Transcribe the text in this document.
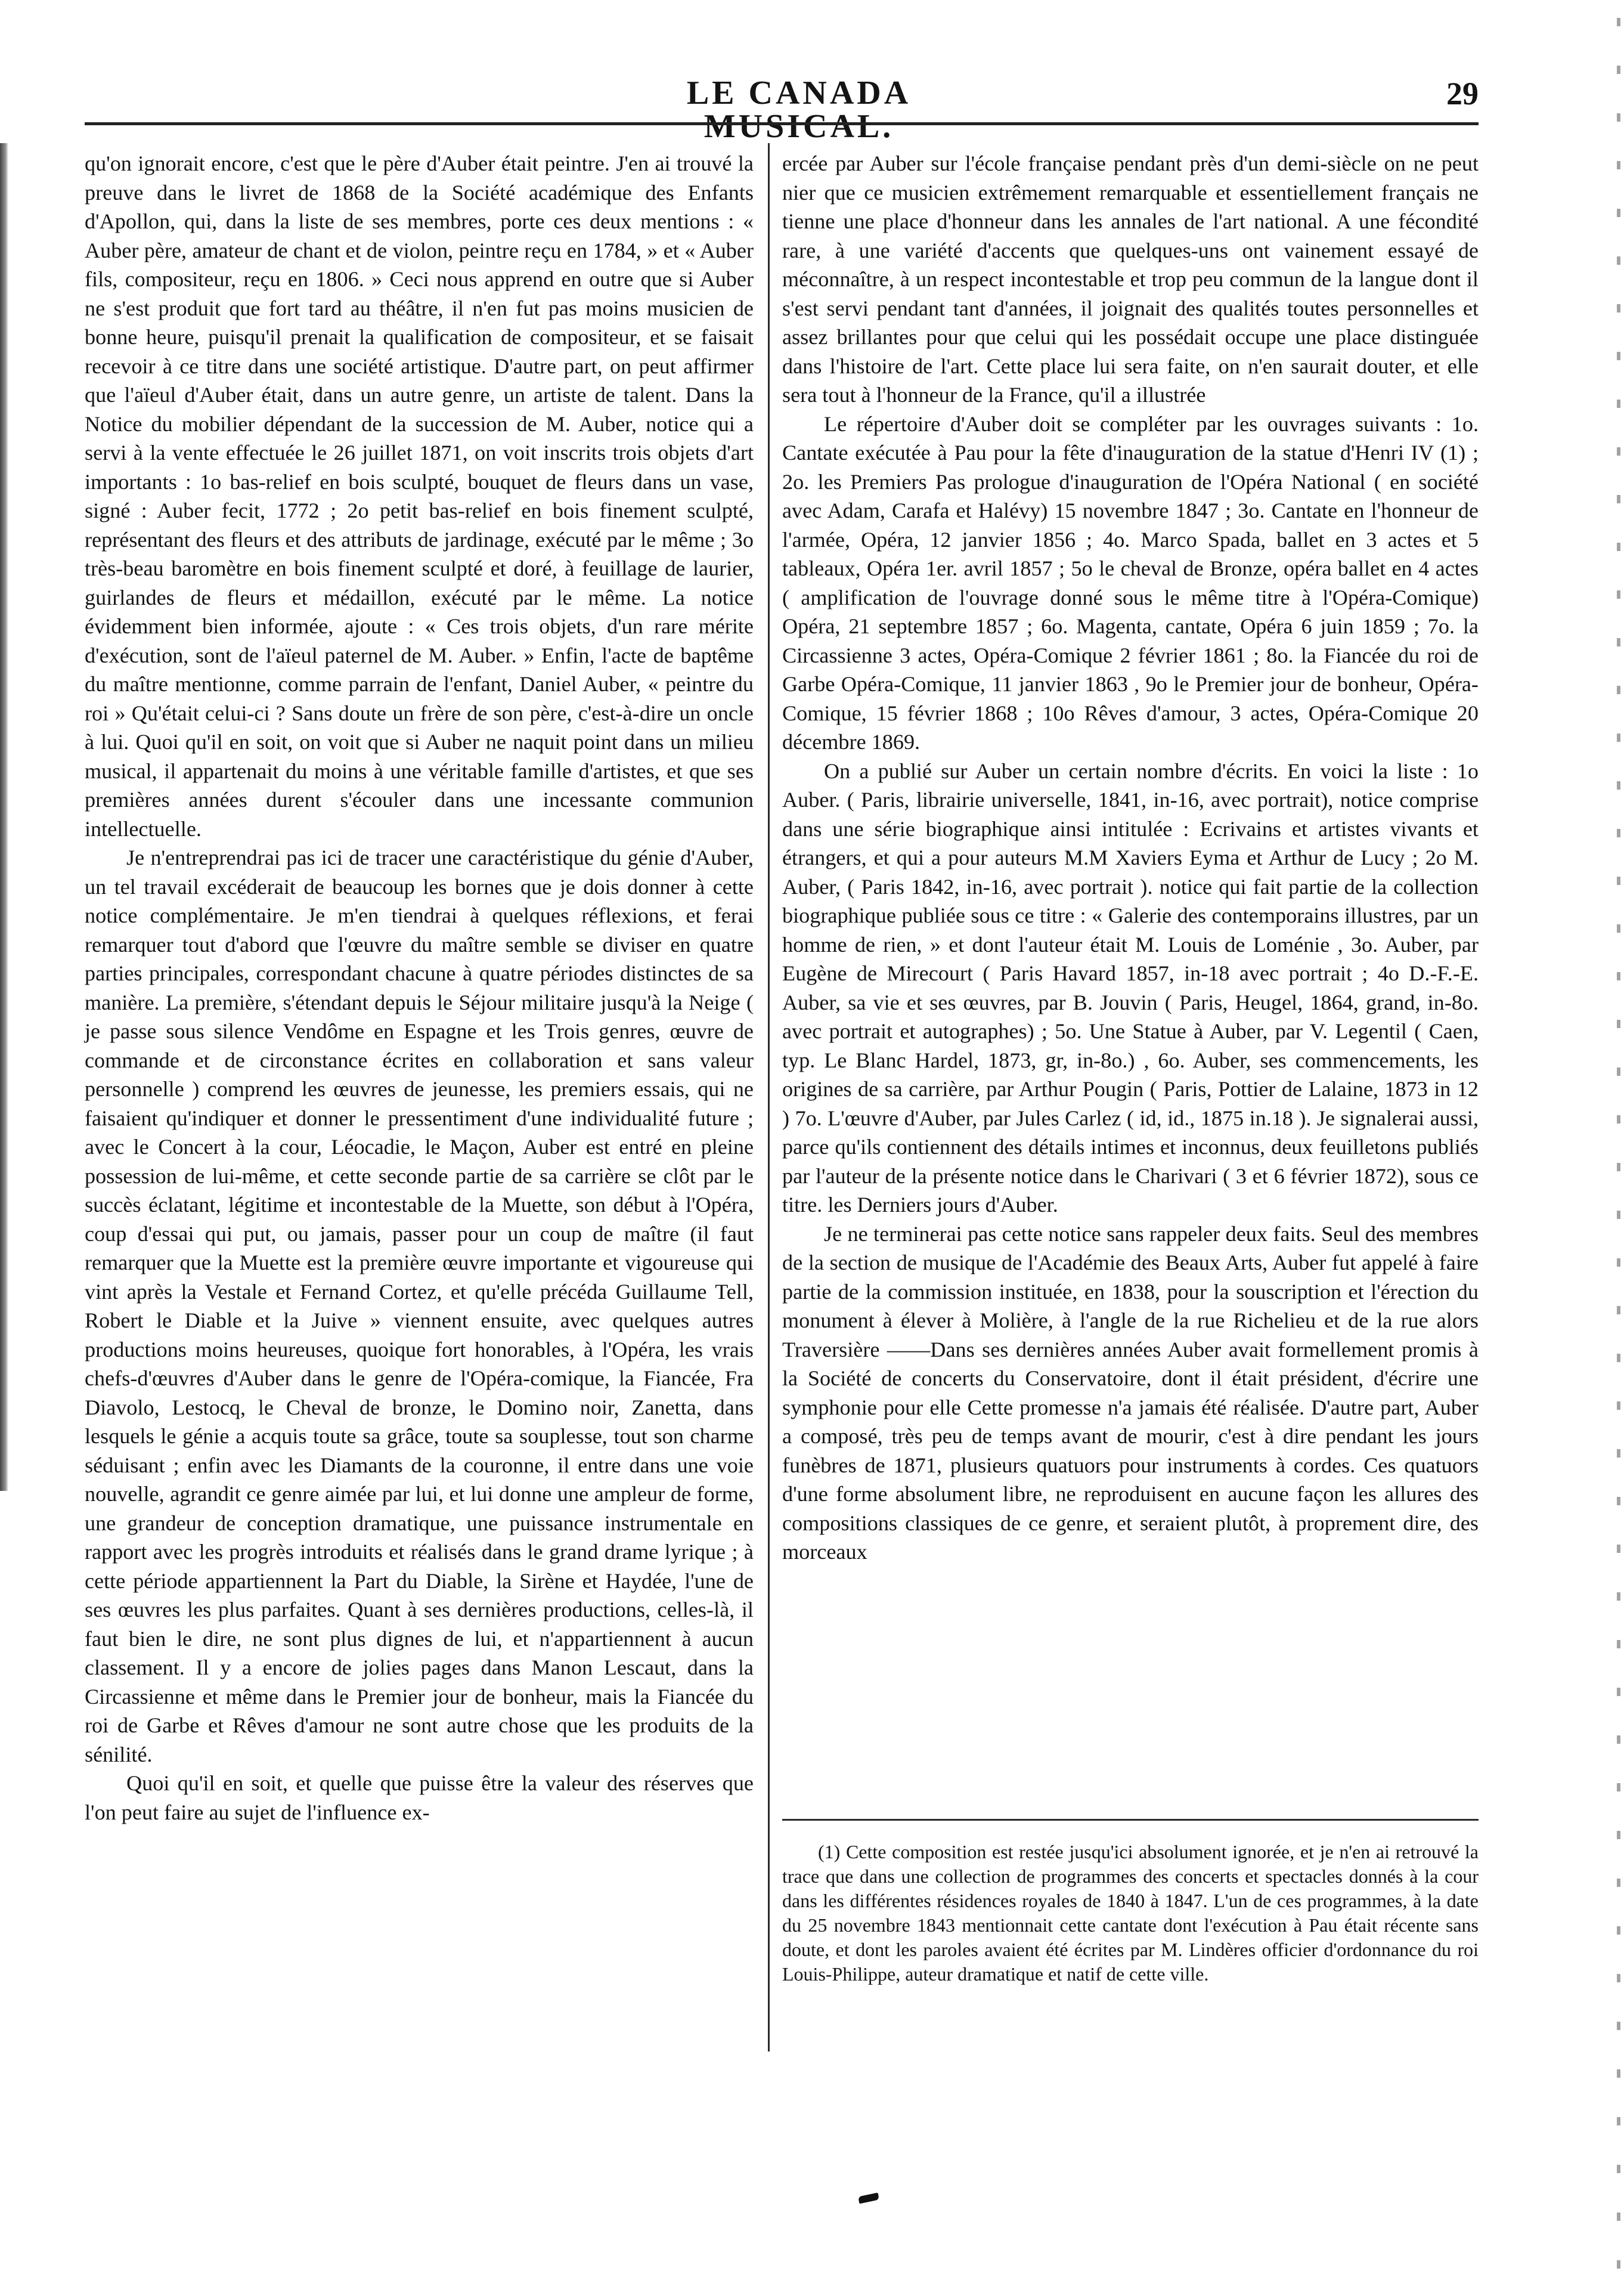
LE CANADA MUSICAL.
29

qu'on ignorait encore, c'est que le père d'Auber était peintre. J'en ai trouvé la preuve dans le livret de 1868 de la Société académique des Enfants d'Apollon, qui, dans la liste de ses membres, porte ces deux mentions : « Auber père, amateur de chant et de violon, peintre reçu en 1784, » et « Auber fils, compositeur, reçu en 1806. » Ceci nous apprend en outre que si Auber ne s'est produit que fort tard au théâtre, il n'en fut pas moins musicien de bonne heure, puisqu'il prenait la qualification de compositeur, et se faisait recevoir à ce titre dans une société artistique. D'autre part, on peut affirmer que l'aïeul d'Auber était, dans un autre genre, un artiste de talent. Dans la Notice du mobilier dépendant de la succession de M. Auber, notice qui a servi à la vente effectuée le 26 juillet 1871, on voit inscrits trois objets d'art importants : 1o bas-relief en bois sculpté, bouquet de fleurs dans un vase, signé : Auber fecit, 1772 ; 2o petit bas-relief en bois finement sculpté, représentant des fleurs et des attributs de jardinage, exécuté par le même ; 3o très-beau baromètre en bois finement sculpté et doré, à feuillage de laurier, guirlandes de fleurs et médaillon, exécuté par le même. La notice évidemment bien informée, ajoute : « Ces trois objets, d'un rare mérite d'exécution, sont de l'aïeul paternel de M. Auber. » Enfin, l'acte de baptême du maître mentionne, comme parrain de l'enfant, Daniel Auber, « peintre du roi » Qu'était celui-ci ? Sans doute un frère de son père, c'est-à-dire un oncle à lui. Quoi qu'il en soit, on voit que si Auber ne naquit point dans un milieu musical, il appartenait du moins à une véritable famille d'artistes, et que ses premières années durent s'écouler dans une incessante communion intellectuelle.

Je n'entreprendrai pas ici de tracer une caractéristique du génie d'Auber, un tel travail excéderait de beaucoup les bornes que je dois donner à cette notice complémentaire. Je m'en tiendrai à quelques réflexions, et ferai remarquer tout d'abord que l'œuvre du maître semble se diviser en quatre parties principales, correspondant chacune à quatre périodes distinctes de sa manière. La première, s'étendant depuis le Séjour militaire jusqu'à la Neige ( je passe sous silence Vendôme en Espagne et les Trois genres, œuvre de commande et de circonstance écrites en collaboration et sans valeur personnelle ) comprend les œuvres de jeunesse, les premiers essais, qui ne faisaient qu'indiquer et donner le pressentiment d'une individualité future ; avec le Concert à la cour, Léocadie, le Maçon, Auber est entré en pleine possession de lui-même, et cette seconde partie de sa carrière se clôt par le succès éclatant, légitime et incontestable de la Muette, son début à l'Opéra, coup d'essai qui put, ou jamais, passer pour un coup de maître (il faut remarquer que la Muette est la première œuvre importante et vigoureuse qui vint après la Vestale et Fernand Cortez, et qu'elle précéda Guillaume Tell, Robert le Diable et la Juive » viennent ensuite, avec quelques autres productions moins heureuses, quoique fort honorables, à l'Opéra, les vrais chefs-d'œuvres d'Auber dans le genre de l'Opéra-comique, la Fiancée, Fra Diavolo, Lestocq, le Cheval de bronze, le Domino noir, Zanetta, dans lesquels le génie a acquis toute sa grâce, toute sa souplesse, tout son charme séduisant ; enfin avec les Diamants de la couronne, il entre dans une voie nouvelle, agrandit ce genre aimée par lui, et lui donne une ampleur de forme, une grandeur de conception dramatique, une puissance instrumentale en rapport avec les progrès introduits et réalisés dans le grand drame lyrique ; à cette période appartiennent la Part du Diable, la Sirène et Haydée, l'une de ses œuvres les plus parfaites. Quant à ses dernières productions, celles-là, il faut bien le dire, ne sont plus dignes de lui, et n'appartiennent à aucun classement. Il y a encore de jolies pages dans Manon Lescaut, dans la Circassienne et même dans le Premier jour de bonheur, mais la Fiancée du roi de Garbe et Rêves d'amour ne sont autre chose que les produits de la sénilité.

Quoi qu'il en soit, et quelle que puisse être la valeur des réserves que l'on peut faire au sujet de l'influence ex-

ercée par Auber sur l'école française pendant près d'un demi-siècle on ne peut nier que ce musicien extrêmement remarquable et essentiellement français ne tienne une place d'honneur dans les annales de l'art national. A une fécondité rare, à une variété d'accents que quelques-uns ont vainement essayé de méconnaître, à un respect incontestable et trop peu commun de la langue dont il s'est servi pendant tant d'années, il joignait des qualités toutes personnelles et assez brillantes pour que celui qui les possédait occupe une place distinguée dans l'histoire de l'art. Cette place lui sera faite, on n'en saurait douter, et elle sera tout à l'honneur de la France, qu'il a illustrée

Le répertoire d'Auber doit se compléter par les ouvrages suivants : 1o. Cantate exécutée à Pau pour la fête d'inauguration de la statue d'Henri IV (1) ; 2o. les Premiers Pas prologue d'inauguration de l'Opéra National ( en société avec Adam, Carafa et Halévy) 15 novembre 1847 ; 3o. Cantate en l'honneur de l'armée, Opéra, 12 janvier 1856 ; 4o. Marco Spada, ballet en 3 actes et 5 tableaux, Opéra 1er. avril 1857 ; 5o le cheval de Bronze, opéra ballet en 4 actes ( amplification de l'ouvrage donné sous le même titre à l'Opéra-Comique) Opéra, 21 septembre 1857 ; 6o. Magenta, cantate, Opéra 6 juin 1859 ; 7o. la Circassienne 3 actes, Opéra-Comique 2 février 1861 ; 8o. la Fiancée du roi de Garbe Opéra-Comique, 11 janvier 1863 , 9o le Premier jour de bonheur, Opéra-Comique, 15 février 1868 ; 10o Rêves d'amour, 3 actes, Opéra-Comique 20 décembre 1869.

On a publié sur Auber un certain nombre d'écrits. En voici la liste : 1o Auber. ( Paris, librairie universelle, 1841, in-16, avec portrait), notice comprise dans une série biographique ainsi intitulée : Ecrivains et artistes vivants et étrangers, et qui a pour auteurs M.M Xaviers Eyma et Arthur de Lucy ; 2o M. Auber, ( Paris 1842, in-16, avec portrait ). notice qui fait partie de la collection biographique publiée sous ce titre : « Galerie des contemporains illustres, par un homme de rien, » et dont l'auteur était M. Louis de Loménie , 3o. Auber, par Eugène de Mirecourt ( Paris Havard 1857, in-18 avec portrait ; 4o D.-F.-E. Auber, sa vie et ses œuvres, par B. Jouvin ( Paris, Heugel, 1864, grand, in-8o. avec portrait et autographes) ; 5o. Une Statue à Auber, par V. Legentil ( Caen, typ. Le Blanc Hardel, 1873, gr, in-8o.) , 6o. Auber, ses commencements, les origines de sa carrière, par Arthur Pougin ( Paris, Pottier de Lalaine, 1873 in 12 ) 7o. L'œuvre d'Auber, par Jules Carlez ( id, id., 1875 in.18 ). Je signalerai aussi, parce qu'ils contiennent des détails intimes et inconnus, deux feuilletons publiés par l'auteur de la présente notice dans le Charivari ( 3 et 6 février 1872), sous ce titre. les Derniers jours d'Auber.

Je ne terminerai pas cette notice sans rappeler deux faits. Seul des membres de la section de musique de l'Académie des Beaux Arts, Auber fut appelé à faire partie de la commission instituée, en 1838, pour la souscription et l'érection du monument à élever à Molière, à l'angle de la rue Richelieu et de la rue alors Traversière ——Dans ses dernières années Auber avait formellement promis à la Société de concerts du Conservatoire, dont il était président, d'écrire une symphonie pour elle Cette promesse n'a jamais été réalisée. D'autre part, Auber a composé, très peu de temps avant de mourir, c'est à dire pendant les jours funèbres de 1871, plusieurs quatuors pour instruments à cordes. Ces quatuors d'une forme absolument libre, ne reproduisent en aucune façon les allures des compositions classiques de ce genre, et seraient plutôt, à proprement dire, des morceaux

(1) Cette composition est restée jusqu'ici absolument ignorée, et je n'en ai retrouvé la trace que dans une collection de programmes des concerts et spectacles donnés à la cour dans les différentes résidences royales de 1840 à 1847. L'un de ces programmes, à la date du 25 novembre 1843 mentionnait cette cantate dont l'exécution à Pau était récente sans doute, et dont les paroles avaient été écrites par M. Lindères officier d'ordonnance du roi Louis-Philippe, auteur dramatique et natif de cette ville.
